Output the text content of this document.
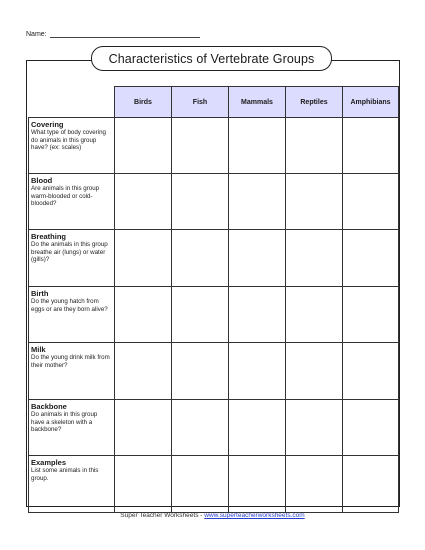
Name:
Characteristics of Vertebrate Groups
	Birds	Fish	Mammals	Reptiles	Amphibians

Covering
What type of body covering do animals in this group have? (ex: scales)					

Blood
Are animals in this group warm-blooded or cold-blooded?					

Breathing
Do the animals in this group breathe air (lungs) or water (gills)?					

Birth
Do the young hatch from eggs or are they born alive?					

Milk
Do the young drink milk from their mother?					

Backbone
Do animals in this group have a skeleton with a backbone?					

Examples
List some animals in this group.					

Super Teacher Worksheets - www.superteacherworksheets.com
